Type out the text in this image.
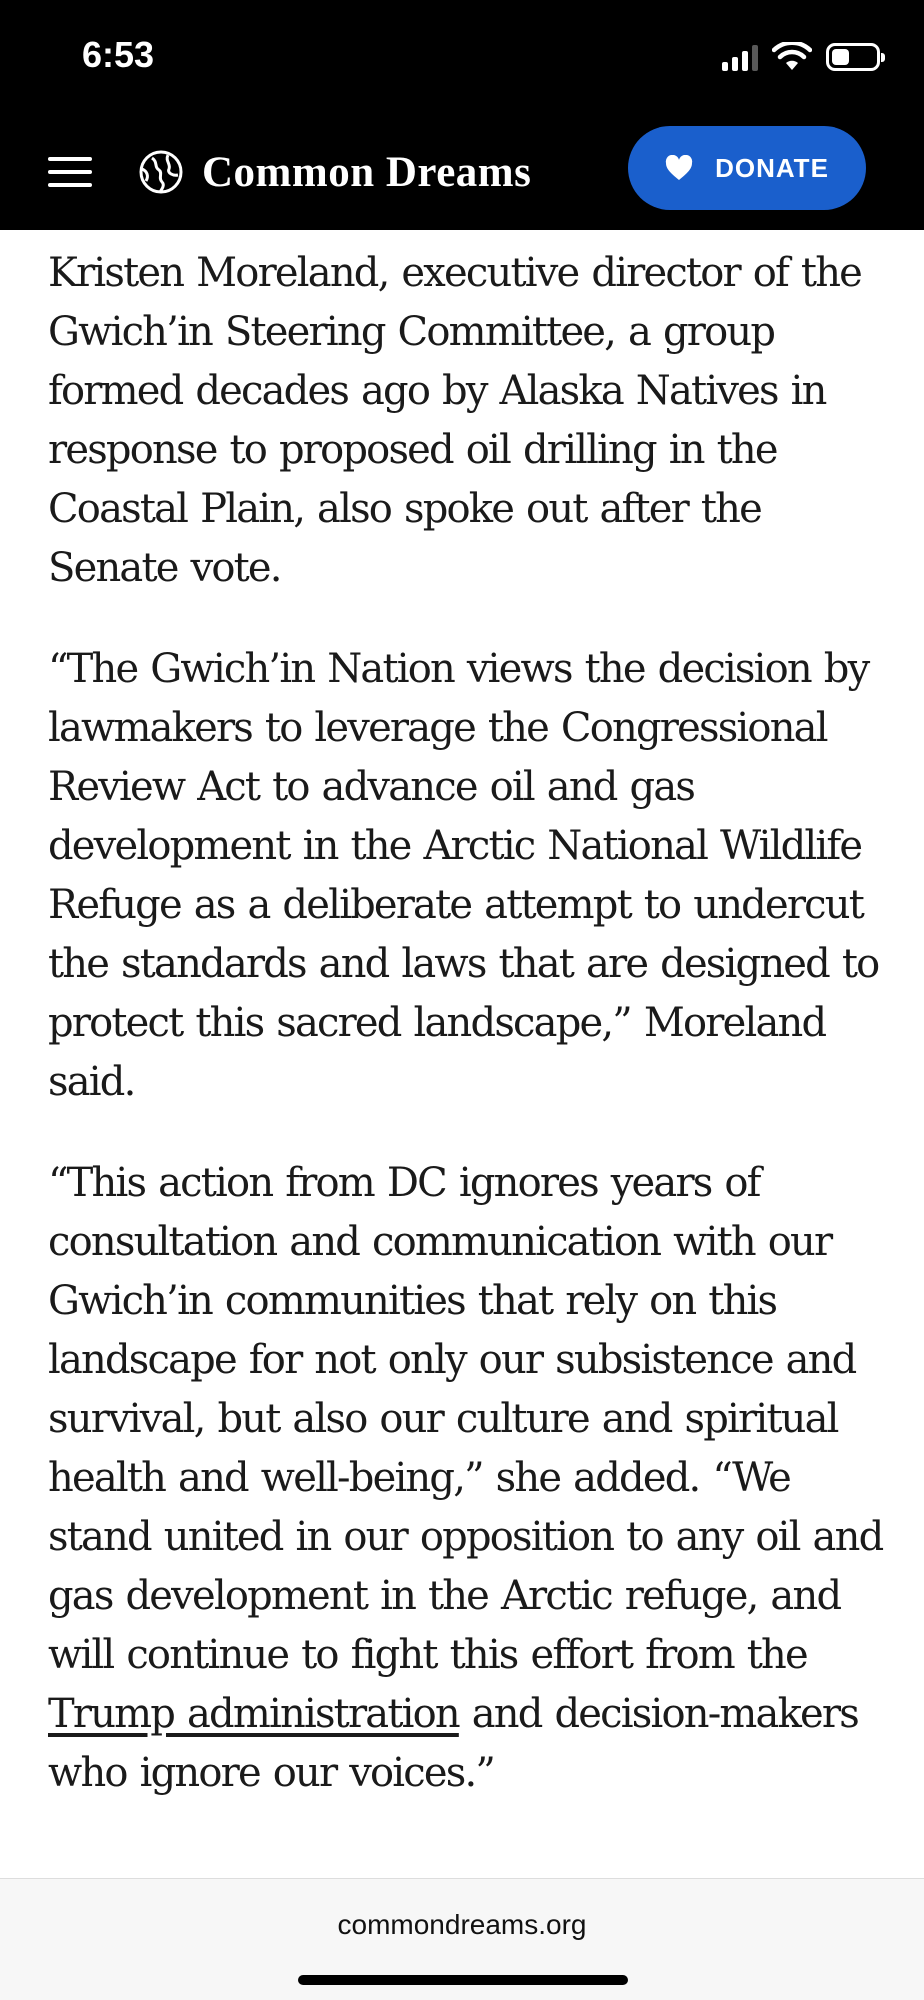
6:53
Common Dreams	DONATE

Kristen Moreland, executive director of the Gwich’in Steering Committee, a group formed decades ago by Alaska Natives in response to proposed oil drilling in the Coastal Plain, also spoke out after the Senate vote.

“The Gwich’in Nation views the decision by lawmakers to leverage the Congressional Review Act to advance oil and gas development in the Arctic National Wildlife Refuge as a deliberate attempt to undercut the standards and laws that are designed to protect this sacred landscape,” Moreland said.

“This action from DC ignores years of consultation and communication with our Gwich’in communities that rely on this landscape for not only our subsistence and survival, but also our culture and spiritual health and well-being,” she added. “We stand united in our opposition to any oil and gas development in the Arctic refuge, and will continue to fight this effort from the Trump administration and decision-makers who ignore our voices.”

commondreams.org
